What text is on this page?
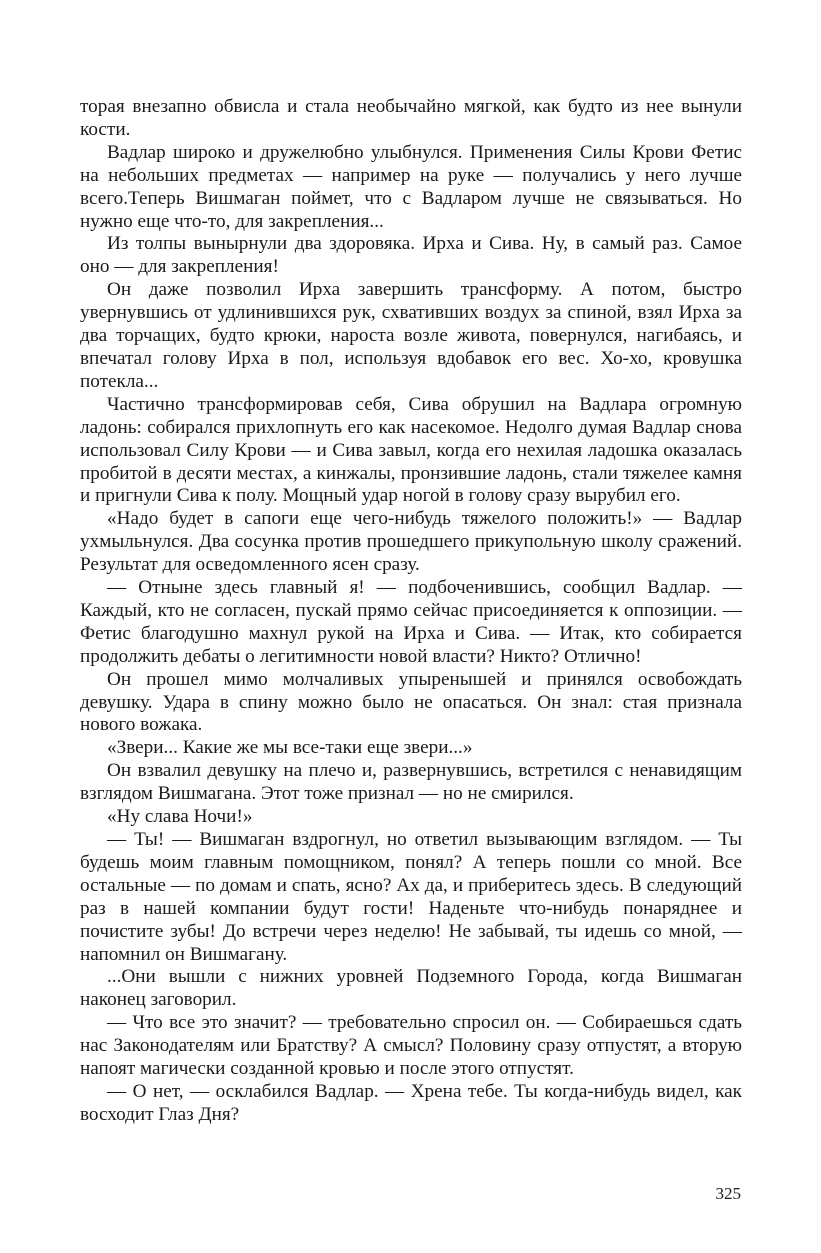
торая внезапно обвисла и стала необычайно мягкой, как будто из нее вынули кости.

Вадлар широко и дружелюбно улыбнулся. Применения Силы Крови Фетис на небольших предметах — например на руке — получались у него лучше всего.Теперь Вишмаган поймет, что с Вадларом лучше не связываться. Но нужно еще что-то, для закрепления...

Из толпы вынырнули два здоровяка. Ирха и Сива. Ну, в самый раз. Самое оно — для закрепления!

Он даже позволил Ирха завершить трансформу. А потом, быстро увернувшись от удлинившихся рук, схвативших воздух за спиной, взял Ирха за два торчащих, будто крюки, нароста возле живота, повернулся, нагибаясь, и впечатал голову Ирха в пол, используя вдобавок его вес. Хо-хо, кровушка потекла...

Частично трансформировав себя, Сива обрушил на Вадлара огромную ладонь: собирался прихлопнуть его как насекомое. Недолго думая Вадлар снова использовал Силу Крови — и Сива завыл, когда его нехилая ладошка оказалась пробитой в десяти местах, а кинжалы, пронзившие ладонь, стали тяжелее камня и пригнули Сива к полу. Мощный удар ногой в голову сразу вырубил его.

«Надо будет в сапоги еще чего-нибудь тяжелого положить!» — Вадлар ухмыльнулся. Два сосунка против прошедшего прикупольную школу сражений. Результат для осведомленного ясен сразу.

— Отныне здесь главный я! — подбоченившись, сообщил Вадлар. — Каждый, кто не согласен, пускай прямо сейчас присоединяется к оппозиции. — Фетис благодушно махнул рукой на Ирха и Сива. — Итак, кто собирается продолжить дебаты о легитимности новой власти? Никто? Отлично!

Он прошел мимо молчаливых упыренышей и принялся освобождать девушку. Удара в спину можно было не опасаться. Он знал: стая признала нового вожака.

«Звери... Какие же мы все-таки еще звери...»

Он взвалил девушку на плечо и, развернувшись, встретился с ненавидящим взглядом Вишмагана. Этот тоже признал — но не смирился.

«Ну слава Ночи!»

— Ты! — Вишмаган вздрогнул, но ответил вызывающим взглядом. — Ты будешь моим главным помощником, понял? А теперь пошли со мной. Все остальные — по домам и спать, ясно? Ах да, и приберитесь здесь. В следующий раз в нашей компании будут гости! Наденьте что-нибудь понаряднее и почистите зубы! До встречи через неделю! Не забывай, ты идешь со мной, — напомнил он Вишмагану.

...Они вышли с нижних уровней Подземного Города, когда Вишмаган наконец заговорил.

— Что все это значит? — требовательно спросил он. — Собираешься сдать нас Законодателям или Братству? А смысл? Половину сразу отпустят, а вторую напоят магически созданной кровью и после этого отпустят.

— О нет, — осклабился Вадлар. — Хрена тебе. Ты когда-нибудь видел, как восходит Глаз Дня?

325
